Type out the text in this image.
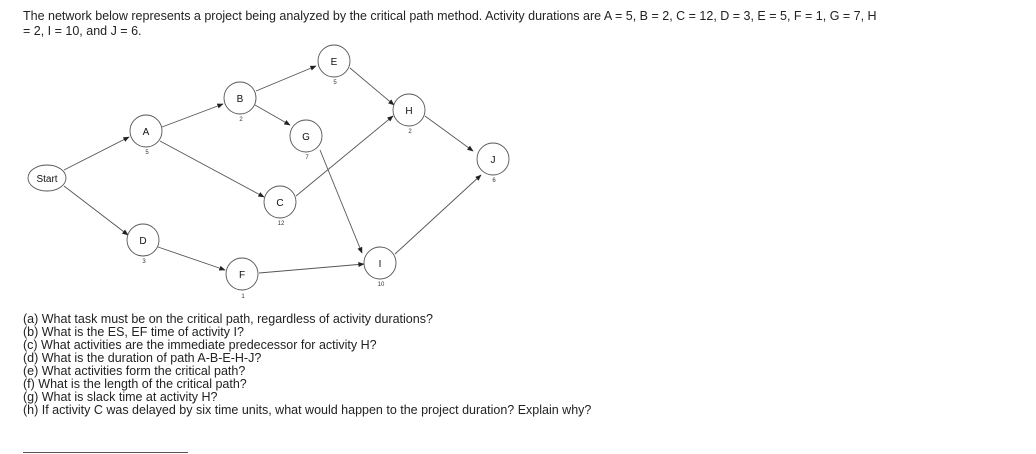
The network below represents a project being analyzed by the critical path method. Activity durations are A = 5, B = 2, C = 12, D = 3, E = 5, F = 1, G = 7, H
= 2, I = 10, and J = 6.
Start
A
B
E
G
H
J
C
D
F
I
5
2
5
7
2
6
12
3
1
10
(a) What task must be on the critical path, regardless of activity durations?
(b) What is the ES, EF time of activity I?
(c) What activities are the immediate predecessor for activity H?
(d) What is the duration of path A-B-E-H-J?
(e) What activities form the critical path?
(f) What is the length of the critical path?
(g) What is slack time at activity H?
(h) If activity C was delayed by six time units, what would happen to the project duration? Explain why?
